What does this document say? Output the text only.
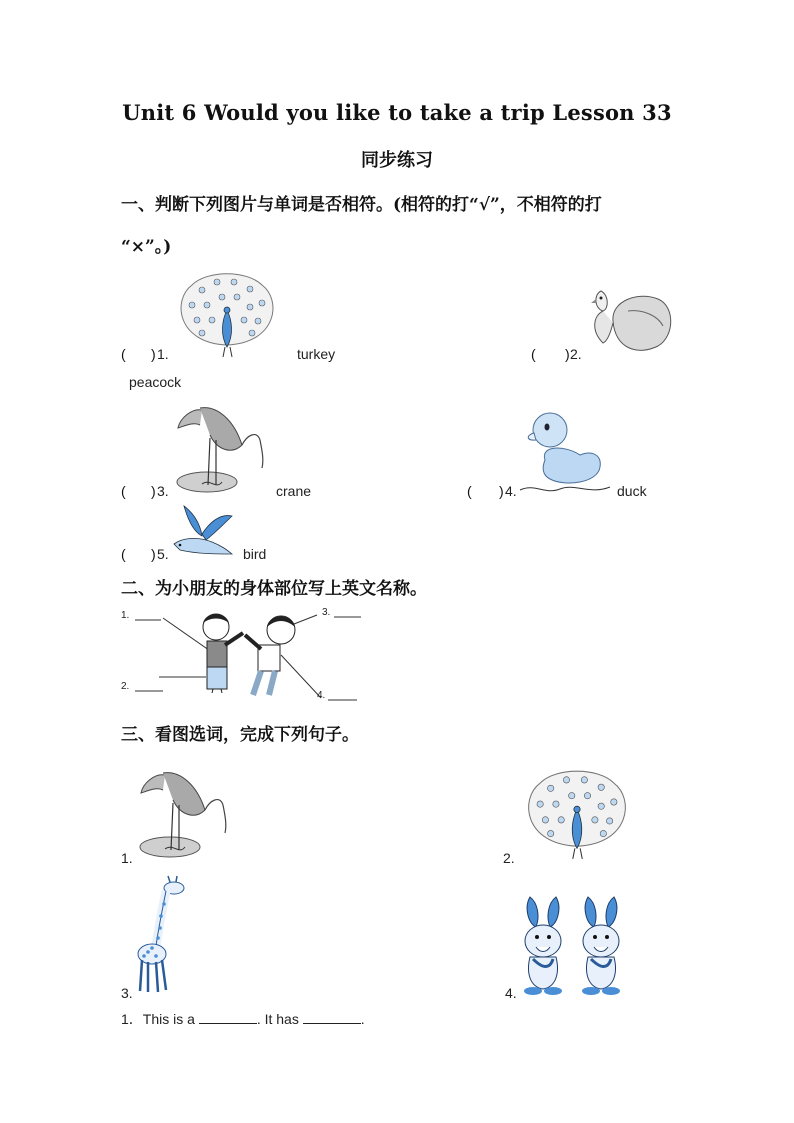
Unit 6 Would you like to take a trip Lesson 33
同步练习
一、判断下列图片与单词是否相符。(相符的打“√”，不相符的打
“×”。)
( ) 1.	turkey	( ) 2.
peacock
( ) 3.	crane	( ) 4.	duck
( ) 5.	bird
二、为小朋友的身体部位写上英文名称。
1.
2.
3.
4.
三、看图选词，完成下列句子。
1.	2.
3.	4.
1．This is a	. It has	.
